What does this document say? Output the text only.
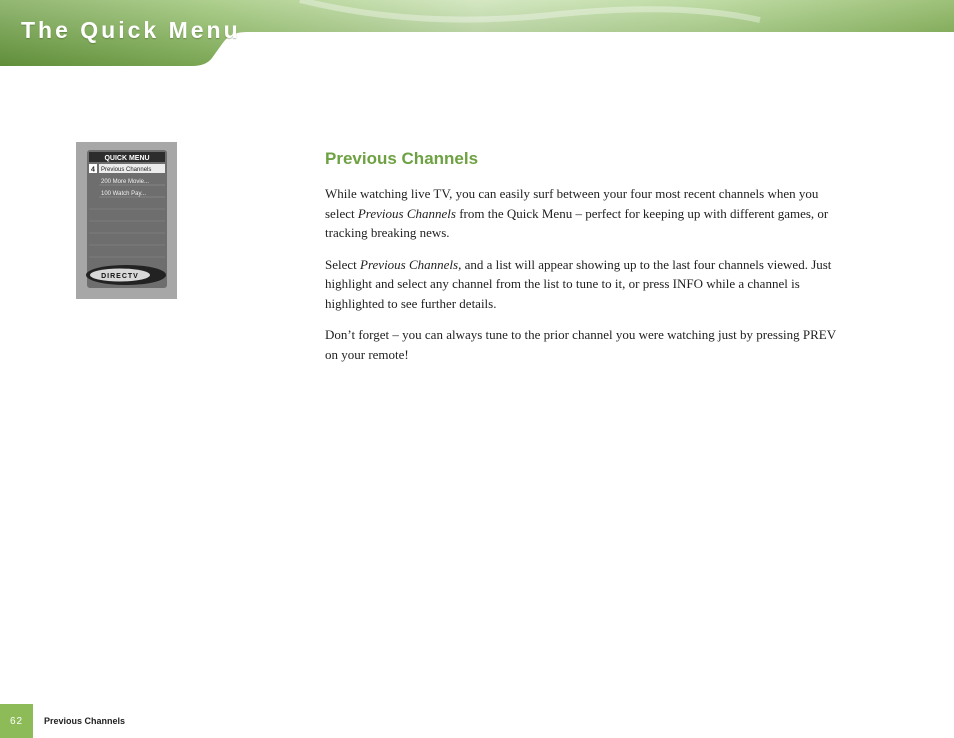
The Quick Menu
QUICK MENU
4 Previous Channels
200 More Movie...
100 Watch Pay...
DIRECTV
Previous Channels

While watching live TV, you can easily surf between your four most recent channels when you select Previous Channels from the Quick Menu – perfect for keeping up with different games, or tracking breaking news.

Select Previous Channels, and a list will appear showing up to the last four channels viewed. Just highlight and select any channel from the list to tune to it, or press INFO while a channel is highlighted to see further details.

Don’t forget – you can always tune to the prior channel you were watching just by pressing PREV on your remote!

62 Previous Channels
